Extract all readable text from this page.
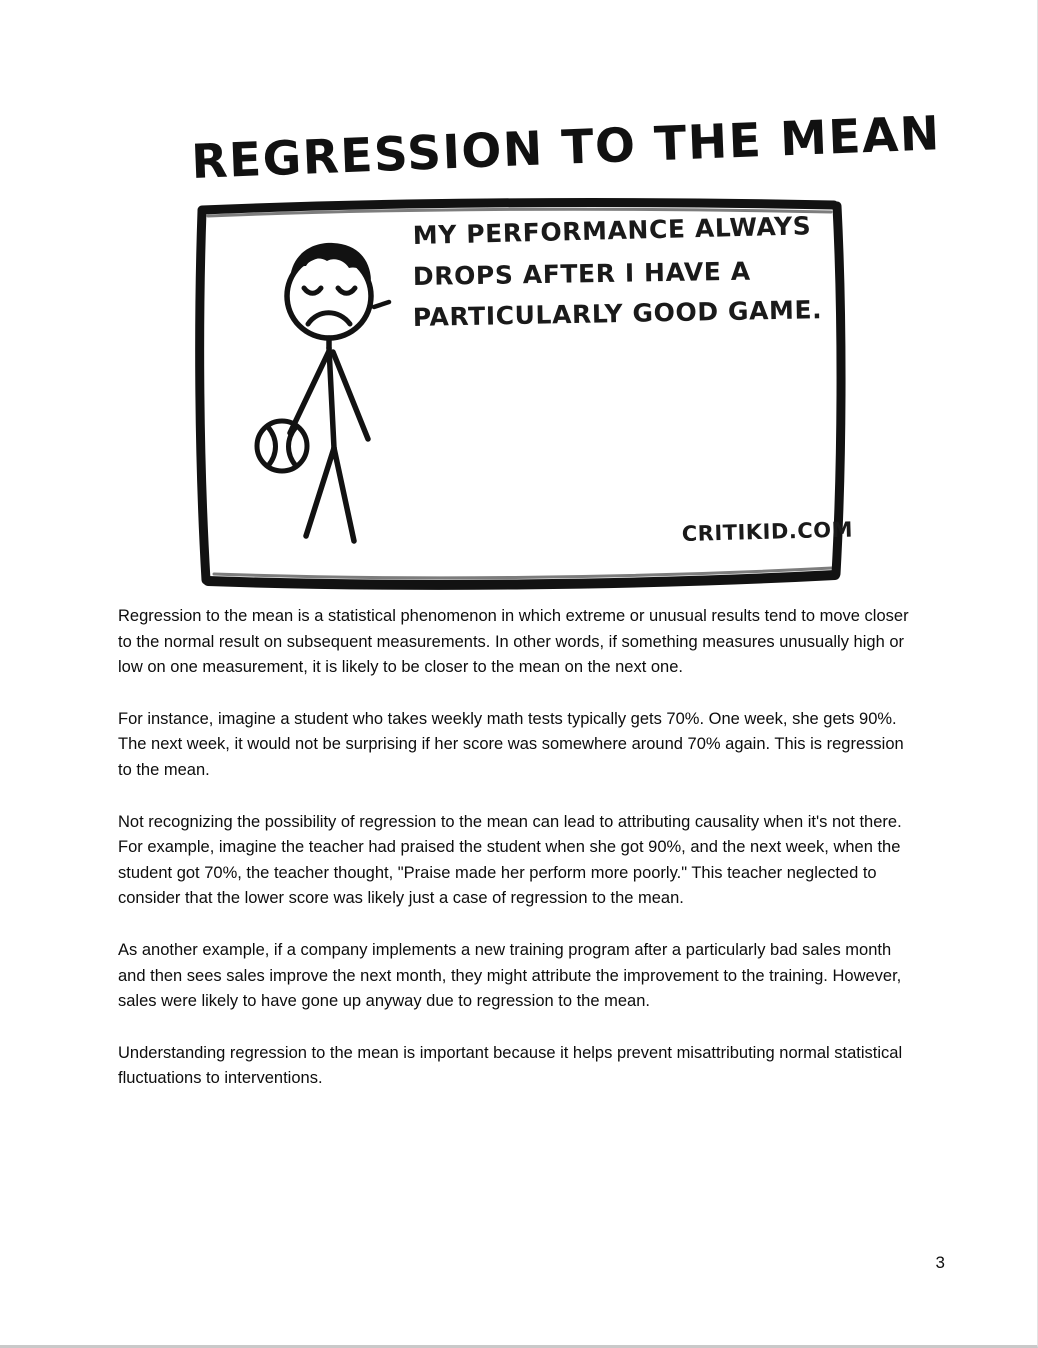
REGRESSION TO THE MEAN
MY PERFORMANCE ALWAYS
DROPS AFTER I HAVE A
PARTICULARLY GOOD GAME.
CRITIKID.COM

Regression to the mean is a statistical phenomenon in which extreme or unusual results tend to move closer to the normal result on subsequent measurements. In other words, if something measures unusually high or low on one measurement, it is likely to be closer to the mean on the next one.

For instance, imagine a student who takes weekly math tests typically gets 70%. One week, she gets 90%. The next week, it would not be surprising if her score was somewhere around 70% again. This is regression to the mean.

Not recognizing the possibility of regression to the mean can lead to attributing causality when it's not there. For example, imagine the teacher had praised the student when she got 90%, and the next week, when the student got 70%, the teacher thought, "Praise made her perform more poorly." This teacher neglected to consider that the lower score was likely just a case of regression to the mean.

As another example, if a company implements a new training program after a particularly bad sales month and then sees sales improve the next month, they might attribute the improvement to the training. However, sales were likely to have gone up anyway due to regression to the mean.

Understanding regression to the mean is important because it helps prevent misattributing normal statistical fluctuations to interventions.

3
